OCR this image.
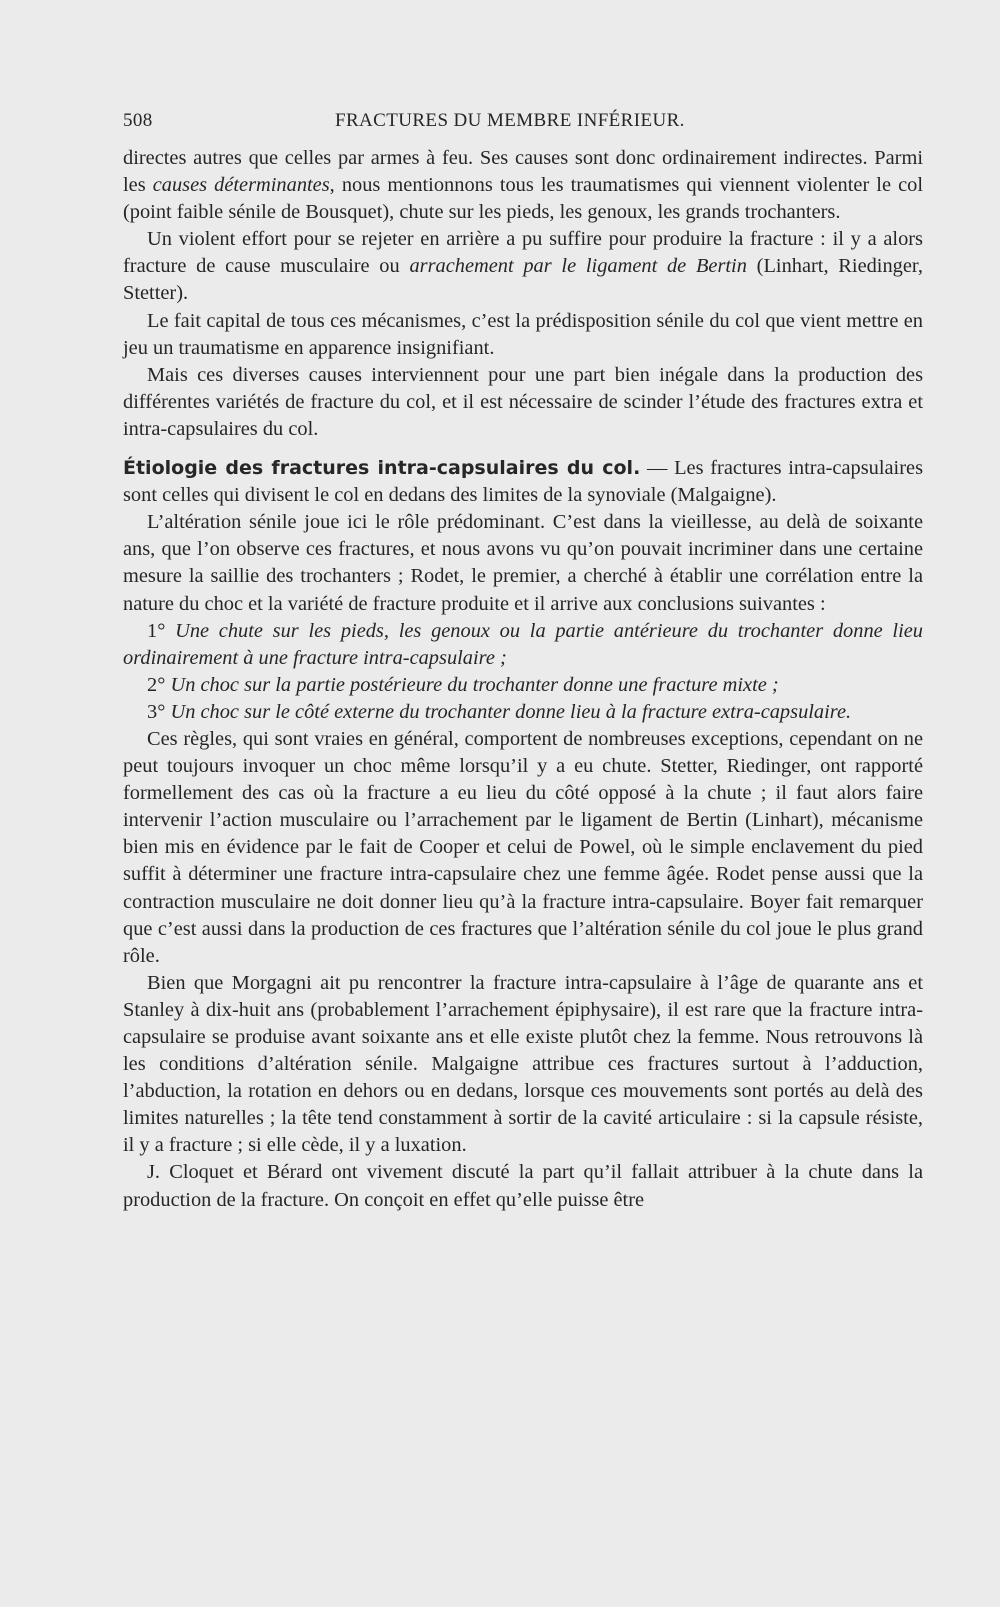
508	FRACTURES DU MEMBRE INFÉRIEUR.

directes autres que celles par armes à feu. Ses causes sont donc ordinairement indirectes. Parmi les causes déterminantes, nous mentionnons tous les traumatismes qui viennent violenter le col (point faible sénile de Bousquet), chute sur les pieds, les genoux, les grands trochanters.

Un violent effort pour se rejeter en arrière a pu suffire pour produire la fracture : il y a alors fracture de cause musculaire ou arrachement par le ligament de Bertin (Linhart, Riedinger, Stetter).

Le fait capital de tous ces mécanismes, c’est la prédisposition sénile du col que vient mettre en jeu un traumatisme en apparence insignifiant.

Mais ces diverses causes interviennent pour une part bien inégale dans la production des différentes variétés de fracture du col, et il est nécessaire de scinder l’étude des fractures extra et intra-capsulaires du col.

Étiologie des fractures intra-capsulaires du col. — Les fractures intra-capsulaires sont celles qui divisent le col en dedans des limites de la synoviale (Malgaigne).

L’altération sénile joue ici le rôle prédominant. C’est dans la vieillesse, au delà de soixante ans, que l’on observe ces fractures, et nous avons vu qu’on pouvait incriminer dans une certaine mesure la saillie des trochanters ; Rodet, le premier, a cherché à établir une corrélation entre la nature du choc et la variété de fracture produite et il arrive aux conclusions suivantes :

1° Une chute sur les pieds, les genoux ou la partie antérieure du trochanter donne lieu ordinairement à une fracture intra-capsulaire ;

2° Un choc sur la partie postérieure du trochanter donne une fracture mixte ;

3° Un choc sur le côté externe du trochanter donne lieu à la fracture extra-capsulaire.

Ces règles, qui sont vraies en général, comportent de nombreuses exceptions, cependant on ne peut toujours invoquer un choc même lorsqu’il y a eu chute. Stetter, Riedinger, ont rapporté formellement des cas où la fracture a eu lieu du côté opposé à la chute ; il faut alors faire intervenir l’action musculaire ou l’arrachement par le ligament de Bertin (Linhart), mécanisme bien mis en évidence par le fait de Cooper et celui de Powel, où le simple enclavement du pied suffit à déterminer une fracture intra-capsulaire chez une femme âgée. Rodet pense aussi que la contraction musculaire ne doit donner lieu qu’à la fracture intra-capsulaire. Boyer fait remarquer que c’est aussi dans la production de ces fractures que l’altération sénile du col joue le plus grand rôle.

Bien que Morgagni ait pu rencontrer la fracture intra-capsulaire à l’âge de quarante ans et Stanley à dix-huit ans (probablement l’arrachement épiphysaire), il est rare que la fracture intra-capsulaire se produise avant soixante ans et elle existe plutôt chez la femme. Nous retrouvons là les conditions d’altération sénile. Malgaigne attribue ces fractures surtout à l’adduction, l’abduction, la rotation en dehors ou en dedans, lorsque ces mouvements sont portés au delà des limites naturelles ; la tête tend constamment à sortir de la cavité articulaire : si la capsule résiste, il y a fracture ; si elle cède, il y a luxation.

J. Cloquet et Bérard ont vivement discuté la part qu’il fallait attribuer à la chute dans la production de la fracture. On conçoit en effet qu’elle puisse être
